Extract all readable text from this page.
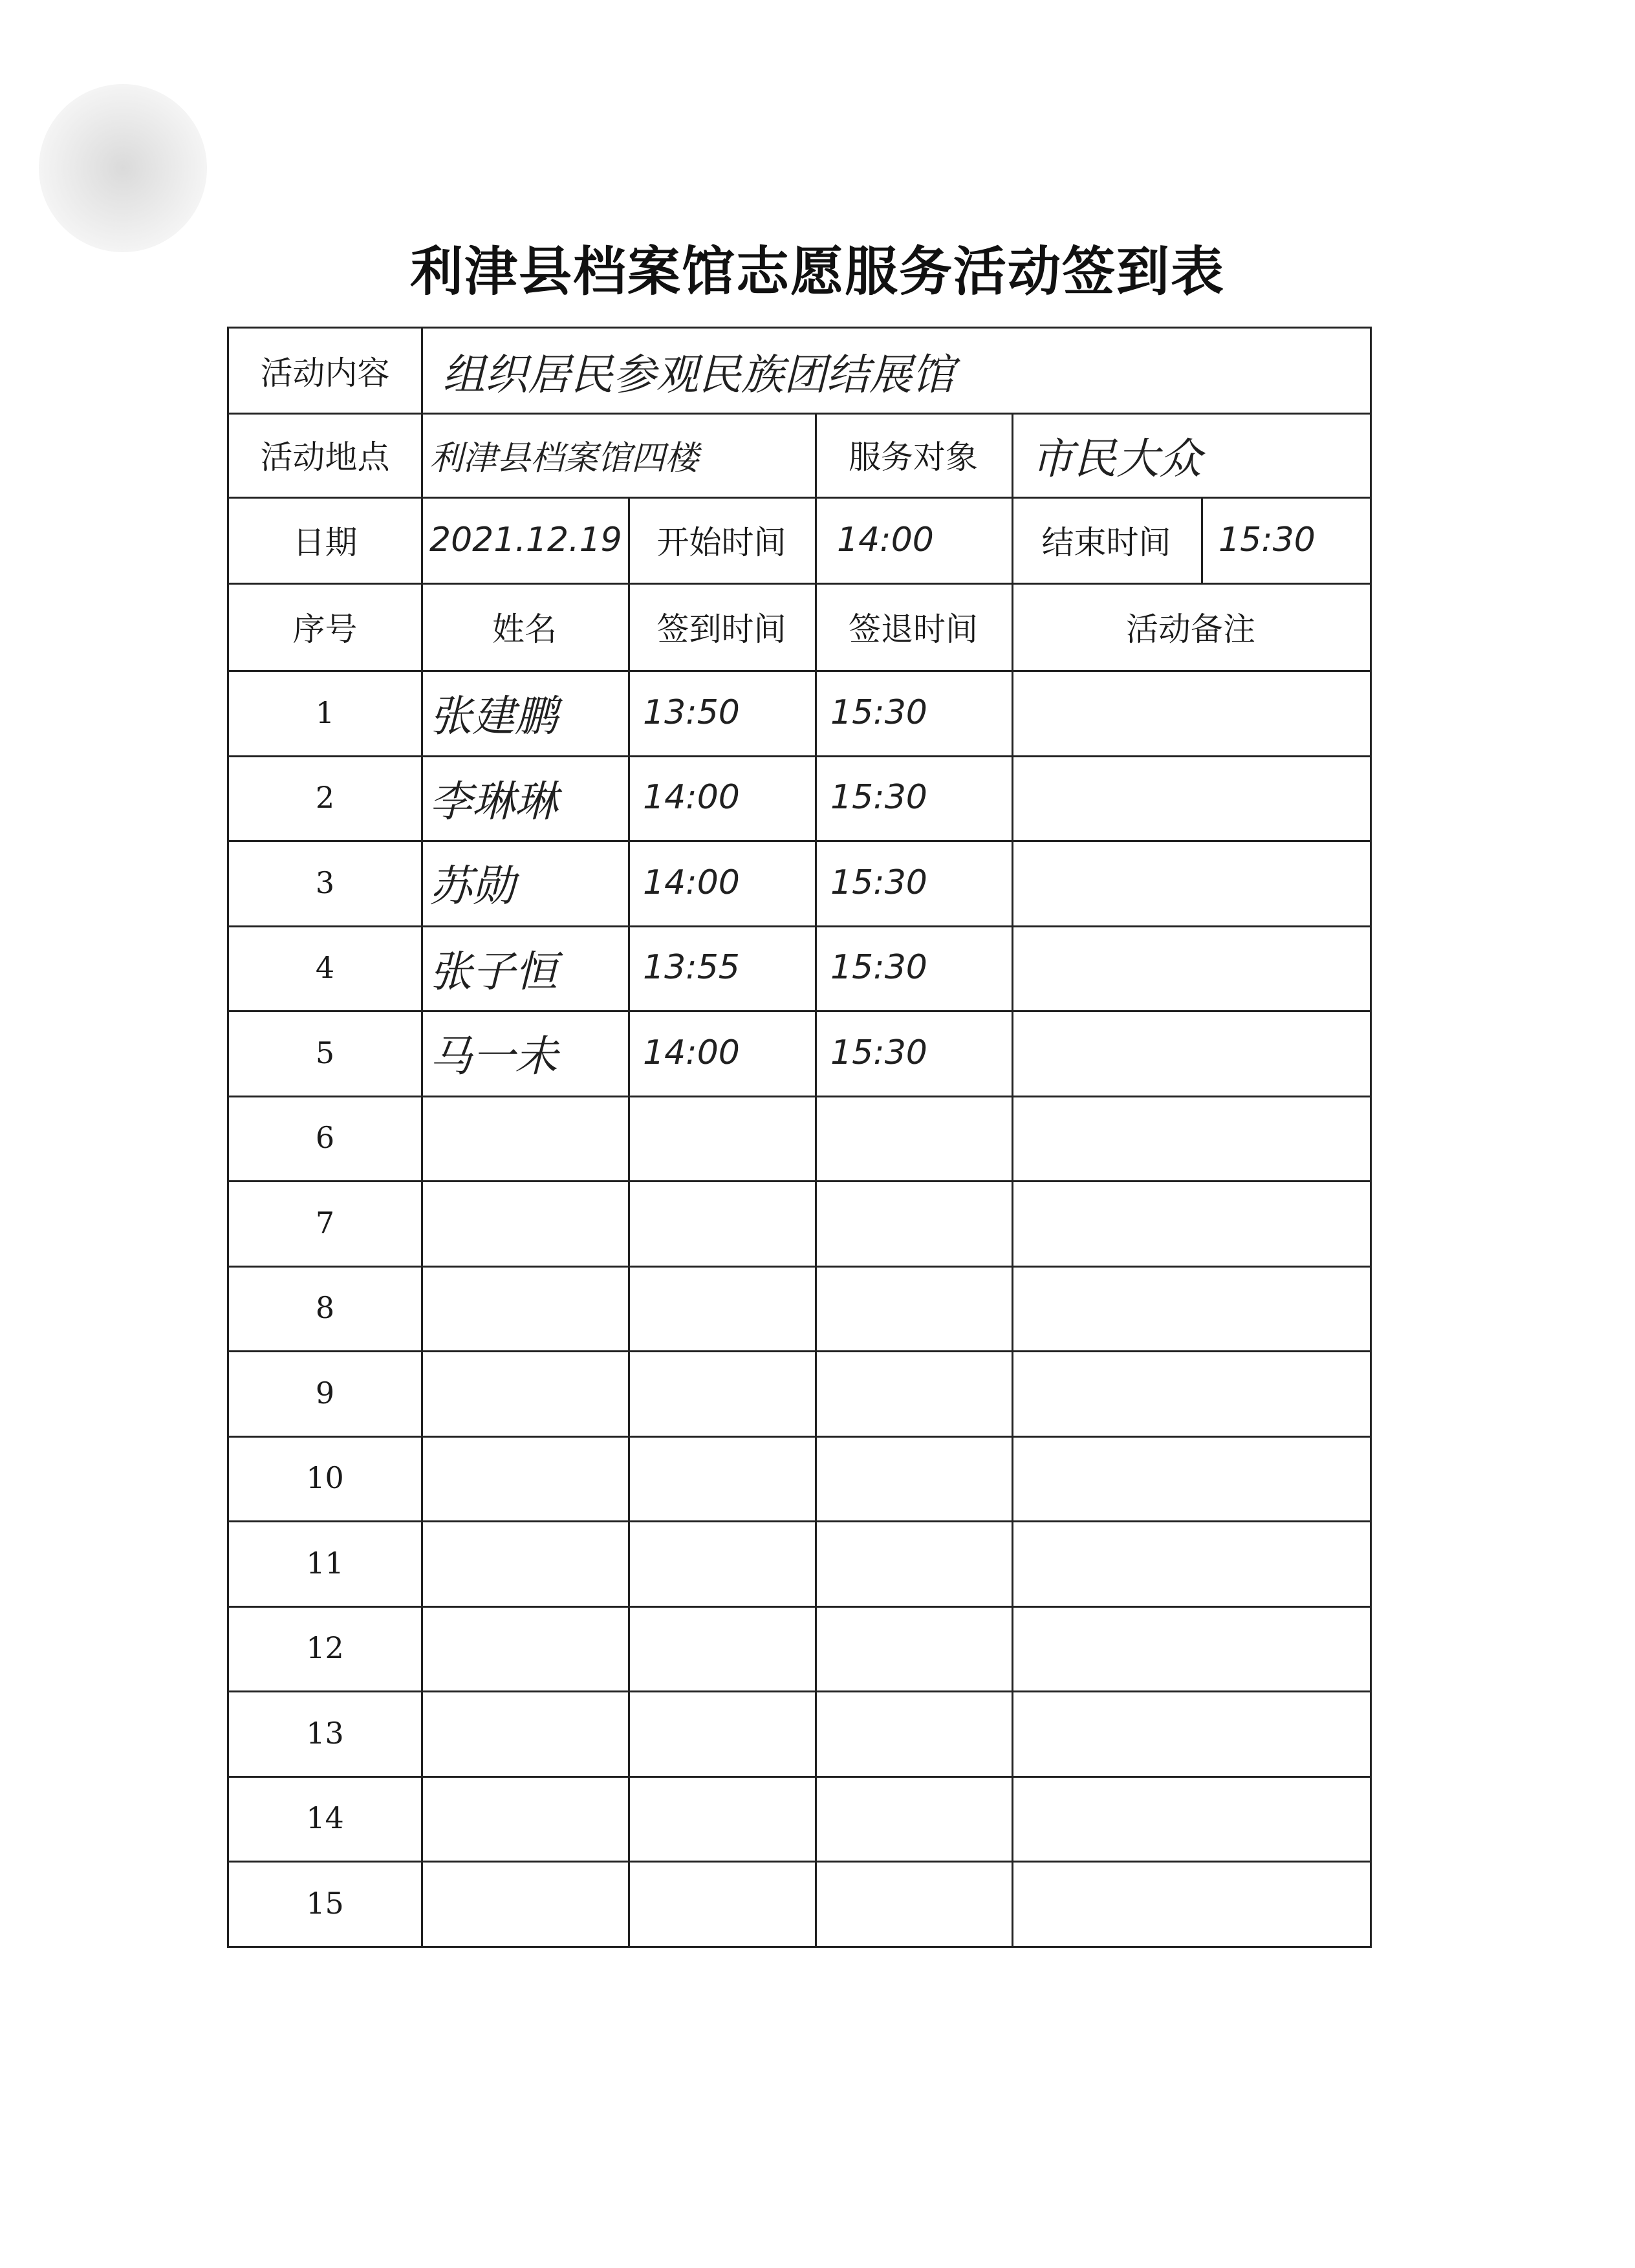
利津县档案馆志愿服务活动签到表
活动内容	组织居民参观民族团结展馆
活动地点	利津县档案馆四楼	服务对象	市民大众
日期	2021.12.19	开始时间	14:00	结束时间	15:30
序号	姓名	签到时间	签退时间	活动备注
1	张建鹏	13:50	15:30
2	李琳琳	14:00	15:30
3	苏勋	14:00	15:30
4	张子恒	13:55	15:30
5	马一未	14:00	15:30
6
7
8
9
10
11
12
13
14
15
